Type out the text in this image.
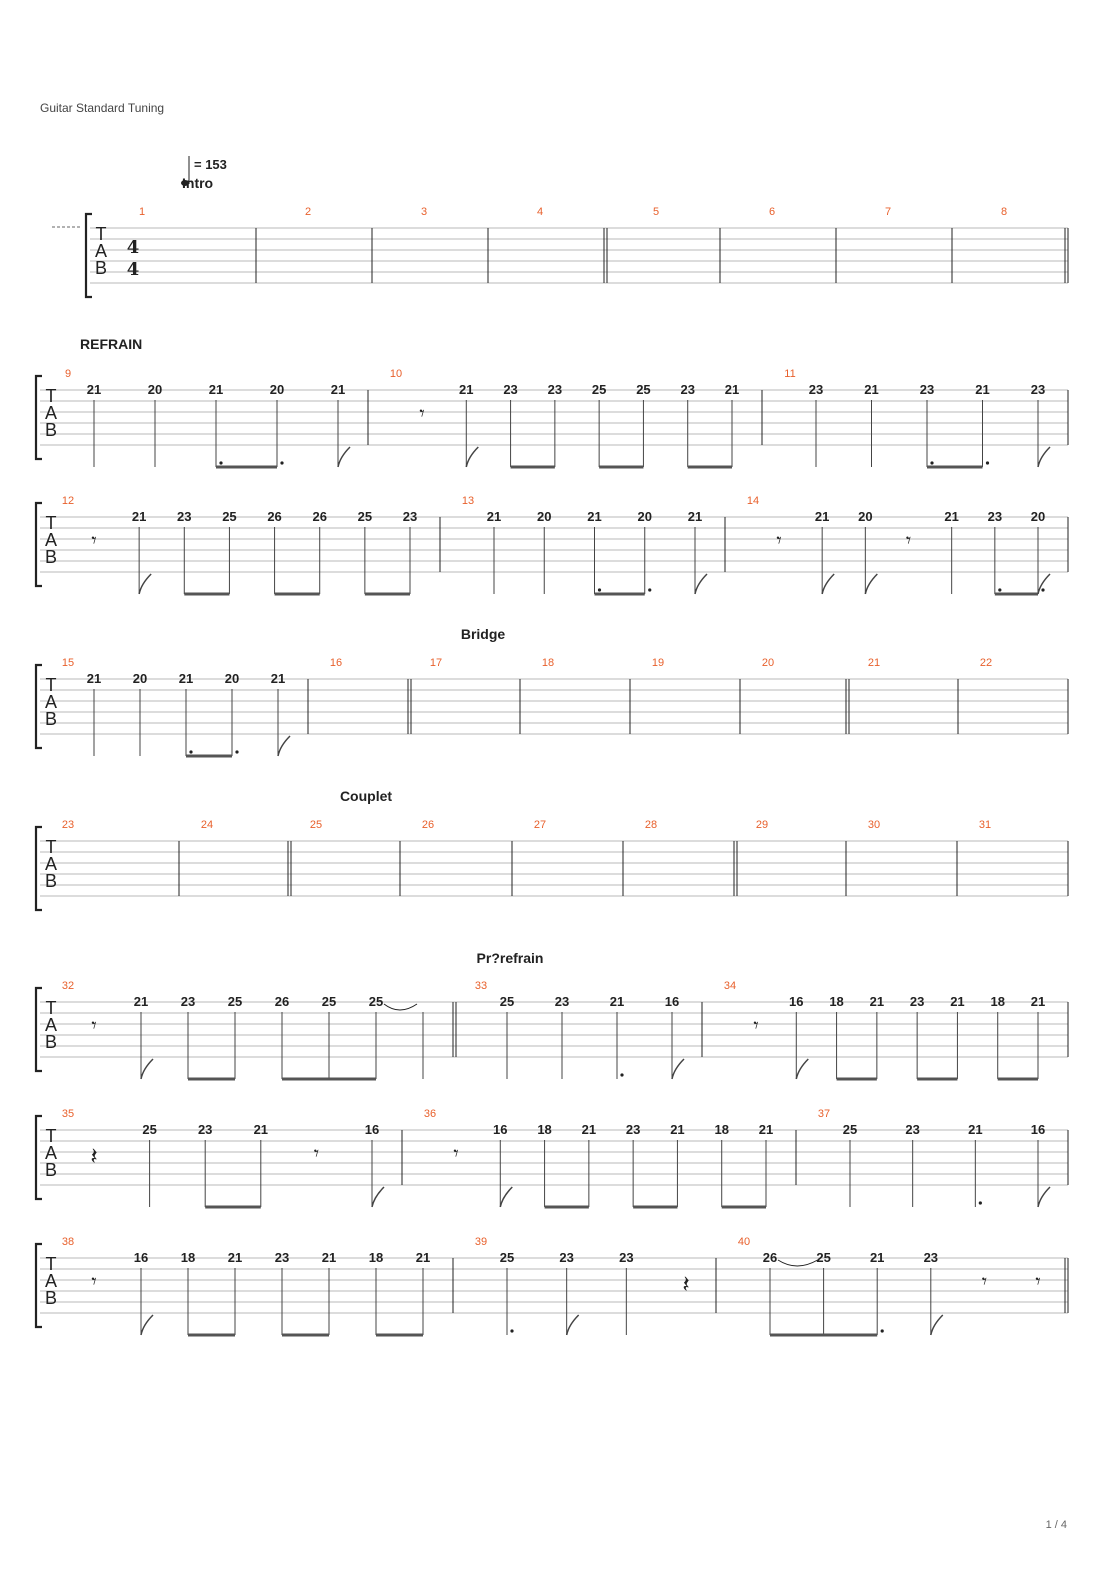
Guitar Standard Tuning
T
A
B
4
4
= 153
Intro
1	2	3	4	5	6	7	8
T
A
B
REFRAIN
9
21	20	21	20	21
10
𝄾
21 23 23 25 25 23 21
11
23	21	23	21	23
T
A
B
12
𝄾
21 23 25 26 26 25 23
13
21	20	21	20	21
14
𝄾
21 20
𝄾
21 23 20
T
A
B
Bridge
15
21 20 21 20 21
16	17	18	19	20	21	22
T
A
B
Couplet
23	24	25	26	27	28	29	30	31
T
A
B
Pr?refrain
32
𝄾
21	23	25	26	25	25
33
25	23	21	16
34
𝄾
16 18 21 23 21 18 21
T
A
B
35
𝄽
25	23	21
𝄾
16
36
𝄾
16 18 21 23 21 18 21
37
25	23	21	16
T
A
B
38
𝄾
16	18	21	23	21	18	21
39
25	23	23
𝄽
40
26	25	21	23
𝄾 𝄾
1 / 4
